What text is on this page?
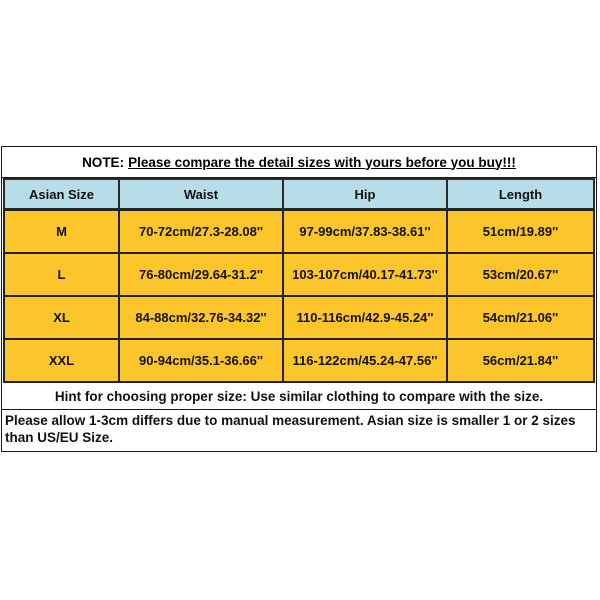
NOTE: Please compare the detail sizes with yours before you buy!!!
Asian Size	Waist	Hip	Length
M	70-72cm/27.3-28.08''	97-99cm/37.83-38.61''	51cm/19.89''
L	76-80cm/29.64-31.2''	103-107cm/40.17-41.73''	53cm/20.67''
XL	84-88cm/32.76-34.32''	110-116cm/42.9-45.24''	54cm/21.06''
XXL	90-94cm/35.1-36.66''	116-122cm/45.24-47.56''	56cm/21.84''
Hint for choosing proper size: Use similar clothing to compare with the size.
Please allow 1-3cm differs due to manual measurement. Asian size is smaller 1 or 2 sizes than US/EU Size.
